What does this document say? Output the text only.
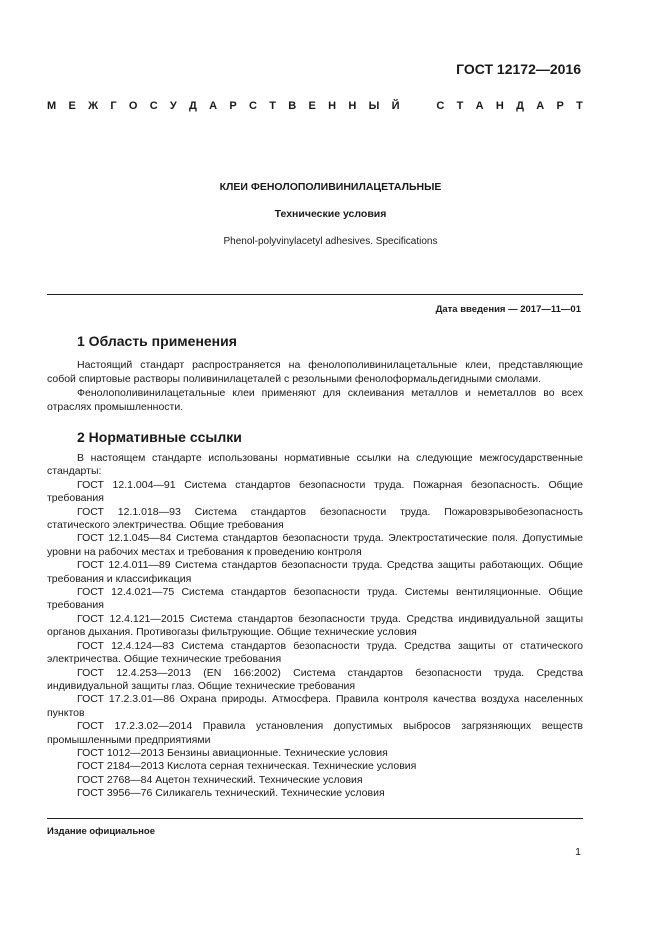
ГОСТ 12172—2016
М Е Ж Г О С У Д А Р С Т В Е Н Н Ы Й	С Т А Н Д А Р Т
КЛЕИ ФЕНОЛОПОЛИВИНИЛАЦЕТАЛЬНЫЕ
Технические условия
Phenol-polyvinylacetyl adhesives. Specifications
Дата введения — 2017—11—01
1 Область применения

Настоящий стандарт распространяется на фенолополивинилацетальные клеи, представляющие собой спиртовые растворы поливинилацеталей с резольными фенолоформальдегидными смолами.

Фенолополивинилацетальные клеи применяют для склеивания металлов и неметаллов во всех отраслях промышленности.

2 Нормативные ссылки

В настоящем стандарте использованы нормативные ссылки на следующие межгосударственные стандарты:

ГОСТ 12.1.004—91 Система стандартов безопасности труда. Пожарная безопасность. Общие требования

ГОСТ 12.1.018—93 Система стандартов безопасности труда. Пожаровзрывобезопасность статического электричества. Общие требования

ГОСТ 12.1.045—84 Система стандартов безопасности труда. Электростатические поля. Допустимые уровни на рабочих местах и требования к проведению контроля

ГОСТ 12.4.011—89 Система стандартов безопасности труда. Средства защиты работающих. Общие требования и классификация

ГОСТ 12.4.021—75 Система стандартов безопасности труда. Системы вентиляционные. Общие требования

ГОСТ 12.4.121—2015 Система стандартов безопасности труда. Средства индивидуальной защиты органов дыхания. Противогазы фильтрующие. Общие технические условия

ГОСТ 12.4.124—83 Система стандартов безопасности труда. Средства защиты от статического электричества. Общие технические требования

ГОСТ 12.4.253—2013 (EN 166:2002) Система стандартов безопасности труда. Средства индивидуальной защиты глаз. Общие технические требования

ГОСТ 17.2.3.01—86 Охрана природы. Атмосфера. Правила контроля качества воздуха населенных пунктов

ГОСТ 17.2.3.02—2014 Правила установления допустимых выбросов загрязняющих веществ промышленными предприятиями

ГОСТ 1012—2013 Бензины авиационные. Технические условия

ГОСТ 2184—2013 Кислота серная техническая. Технические условия

ГОСТ 2768—84 Ацетон технический. Технические условия

ГОСТ 3956—76 Силикагель технический. Технические условия

Издание официальное
1
